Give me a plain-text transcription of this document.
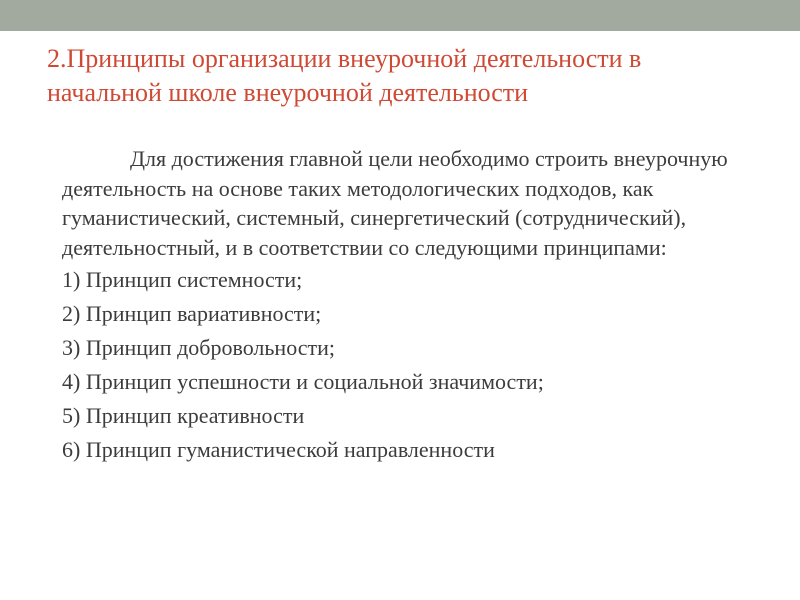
2.Принципы организации внеурочной деятельности в
начальной школе внеурочной деятельности

Для достижения главной цели необходимо строить внеурочную деятельность на основе таких методологических подходов, как гуманистический, системный, синергетический (сотруднический), деятельностный, и в соответствии со следующими принципами:

1) Принцип системности;
2) Принцип вариативности;
3) Принцип добровольности;
4) Принцип успешности и социальной значимости;
5) Принцип креативности
6) Принцип гуманистической направленности
